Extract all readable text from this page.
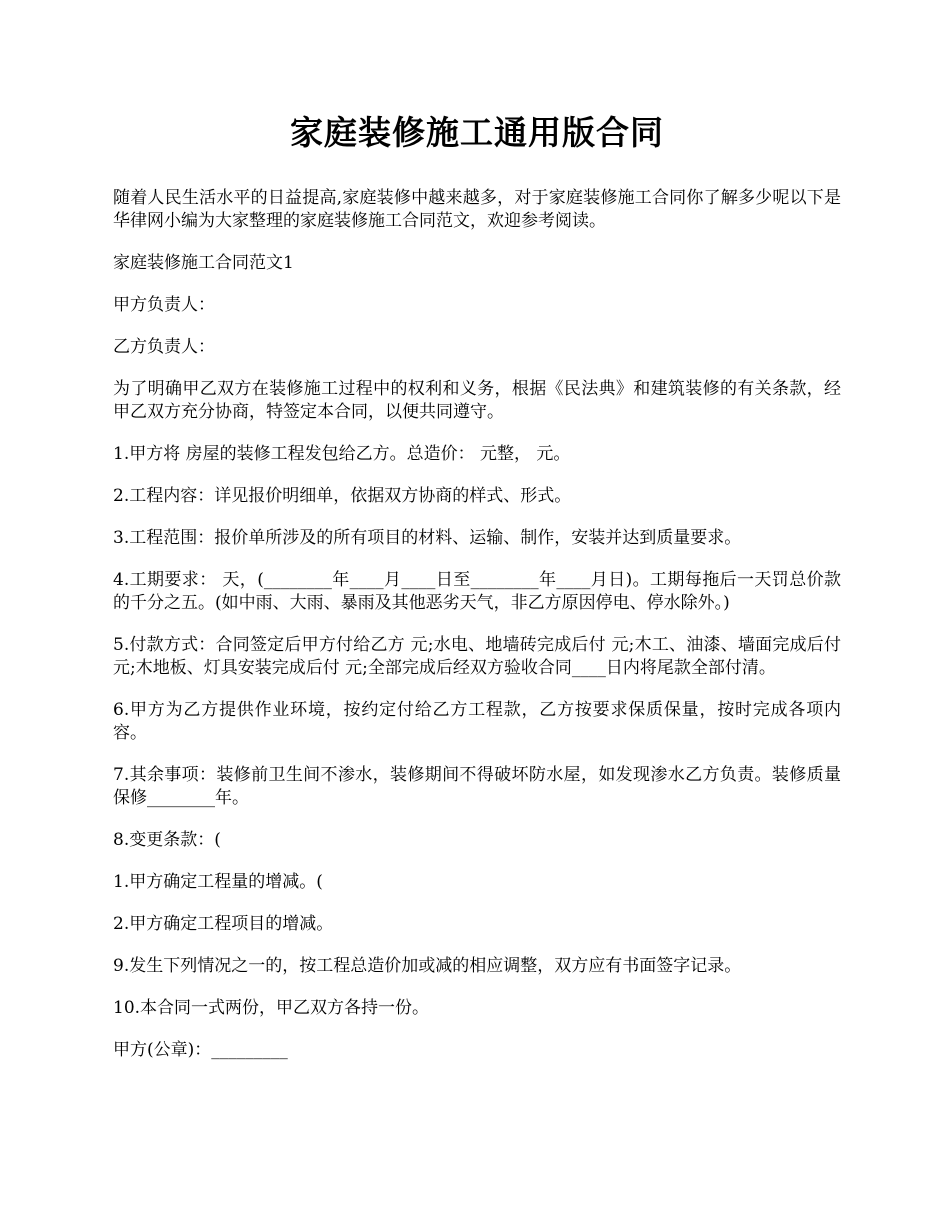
家庭装修施工通用版合同

随着人民生活水平的日益提高,家庭装修中越来越多，对于家庭装修施工合同你了解多少呢以下是华律网小编为大家整理的家庭装修施工合同范文，欢迎参考阅读。

家庭装修施工合同范文1

甲方负责人：

乙方负责人：

为了明确甲乙双方在装修施工过程中的权利和义务，根据《民法典》和建筑装修的有关条款，经甲乙双方充分协商，特签定本合同，以便共同遵守。

1.甲方将 房屋的装修工程发包给乙方。总造价： 元整， 元。

2.工程内容：详见报价明细单，依据双方协商的样式、形式。

3.工程范围：报价单所涉及的所有项目的材料、运输、制作，安装并达到质量要求。

4.工期要求： 天，(________年____月____日至________年____月日)。工期每拖后一天罚总价款的千分之五。(如中雨、大雨、暴雨及其他恶劣天气，非乙方原因停电、停水除外。)

5.付款方式：合同签定后甲方付给乙方 元;水电、地墙砖完成后付 元;木工、油漆、墙面完成后付 元;木地板、灯具安装完成后付 元;全部完成后经双方验收合同____日内将尾款全部付清。

6.甲方为乙方提供作业环境，按约定付给乙方工程款，乙方按要求保质保量，按时完成各项内容。

7.其余事项：装修前卫生间不渗水，装修期间不得破坏防水屋，如发现渗水乙方负责。装修质量保修________年。

8.变更条款：(

1.甲方确定工程量的增减。(

2.甲方确定工程项目的增减。

9.发生下列情况之一的，按工程总造价加或减的相应调整，双方应有书面签字记录。

10.本合同一式两份，甲乙双方各持一份。

甲方(公章)：_________
